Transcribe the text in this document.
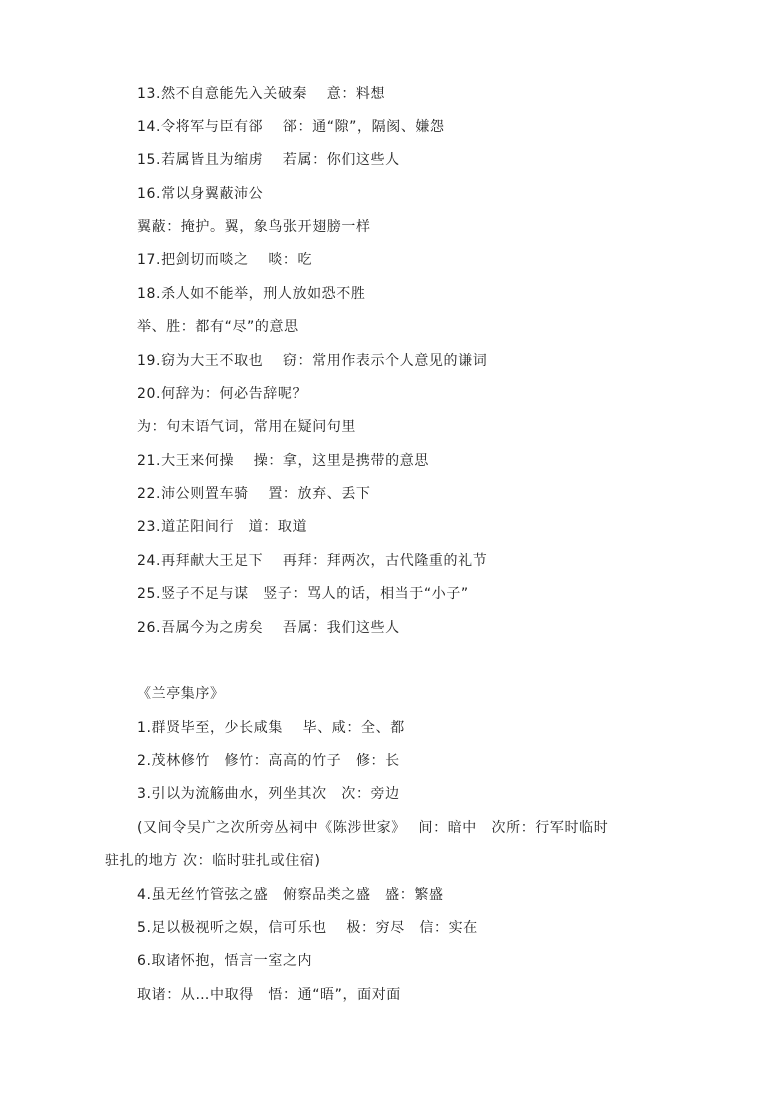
13.然不自意能先入关破秦　 意：料想
14.令将军与臣有郤　 郤：通“隙”，隔阂、嫌怨
15.若属皆且为缩虏　 若属：你们这些人
16.常以身翼蔽沛公
翼蔽：掩护。翼，象鸟张开翅膀一样
17.把剑切而啖之　 啖：吃
18.杀人如不能举，刑人放如恐不胜
举、胜：都有“尽”的意思
19.窃为大王不取也　 窃：常用作表示个人意见的谦词
20.何辞为：何必告辞呢？
为：句末语气词，常用在疑问句里
21.大王来何操　 操：拿，这里是携带的意思
22.沛公则置车骑　 置：放弃、丢下
23.道芷阳间行　道：取道
24.再拜献大王足下　 再拜：拜两次，古代隆重的礼节
25.竖子不足与谋　竖子：骂人的话，相当于“小子”
26.吾属今为之虏矣　 吾属：我们这些人
《兰亭集序》
1.群贤毕至，少长咸集　 毕、咸：全、都
2.茂林修竹　修竹：高高的竹子　修：长
3.引以为流觞曲水，列坐其次　次：旁边
(又间令吴广之次所旁丛祠中《陈涉世家》　 间：暗中　次所：行军时临时
驻扎的地方 次：临时驻扎或住宿)
4.虽无丝竹管弦之盛　俯察品类之盛　盛：繁盛
5.足以极视听之娱，信可乐也　 极：穷尽　信：实在
6.取诸怀抱，悟言一室之内
取诸：从…中取得　悟：通“晤”，面对面
